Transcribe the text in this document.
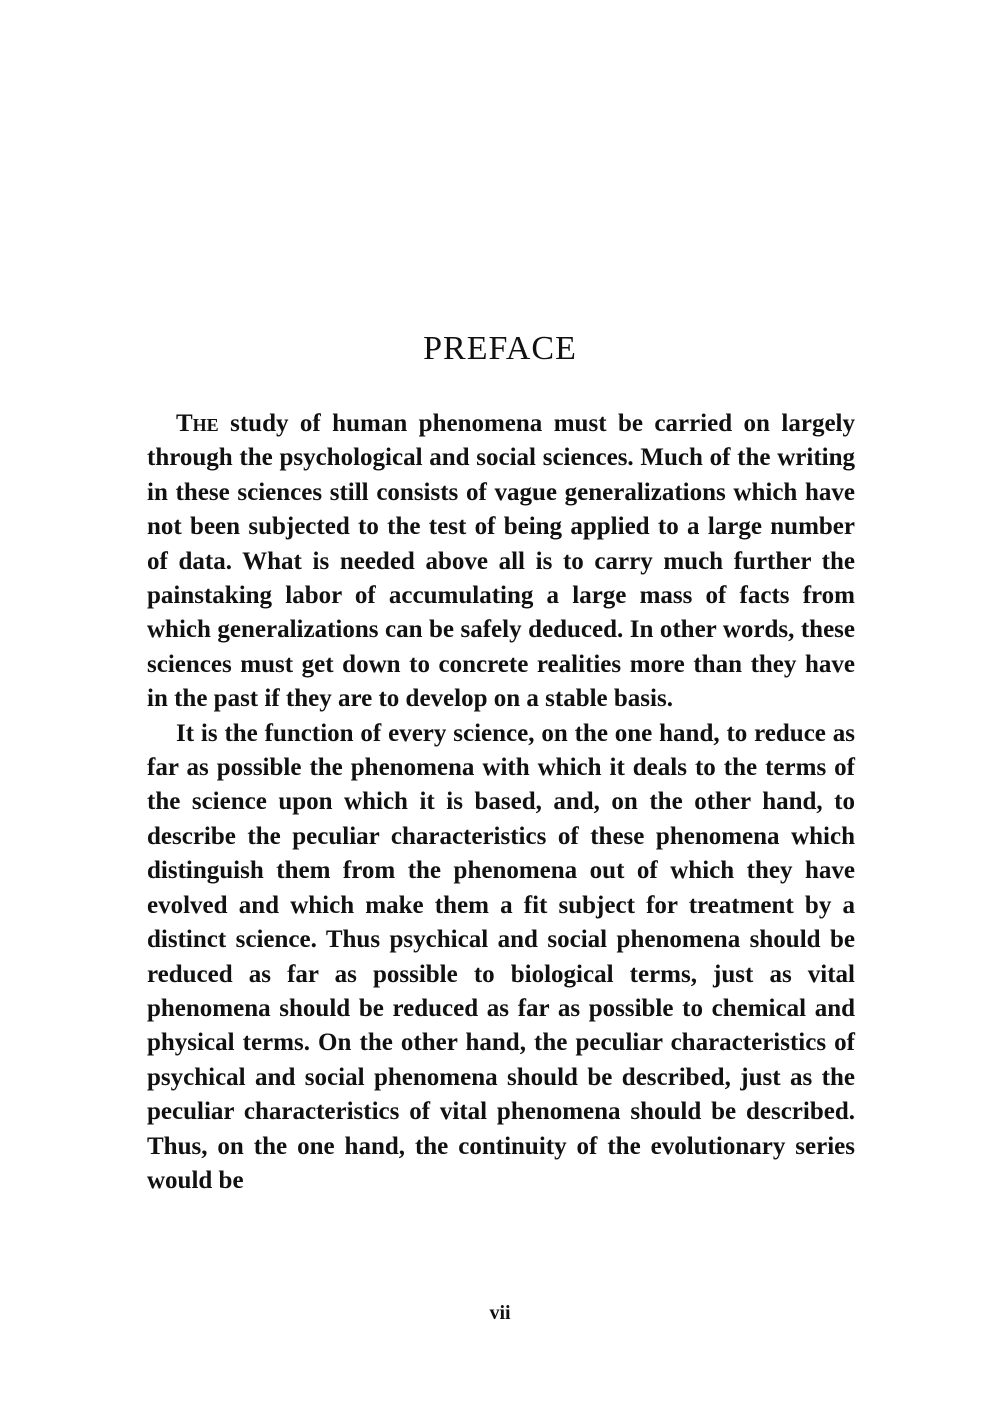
PREFACE

The study of human phenomena must be carried on largely through the psychological and social sciences. Much of the writing in these sciences still consists of vague generalizations which have not been subjected to the test of being applied to a large number of data. What is needed above all is to carry much further the painstaking labor of accumulating a large mass of facts from which generalizations can be safely deduced. In other words, these sciences must get down to concrete realities more than they have in the past if they are to develop on a stable basis.

It is the function of every science, on the one hand, to reduce as far as possible the phenomena with which it deals to the terms of the science upon which it is based, and, on the other hand, to describe the peculiar characteristics of these phenomena which distinguish them from the phenomena out of which they have evolved and which make them a fit subject for treatment by a distinct science. Thus psychical and social phenomena should be reduced as far as possible to biological terms, just as vital phenomena should be reduced as far as possible to chemical and physical terms. On the other hand, the peculiar characteristics of psychical and social phenomena should be described, just as the peculiar characteristics of vital phenomena should be described. Thus, on the one hand, the continuity of the evolutionary series would be

vii
